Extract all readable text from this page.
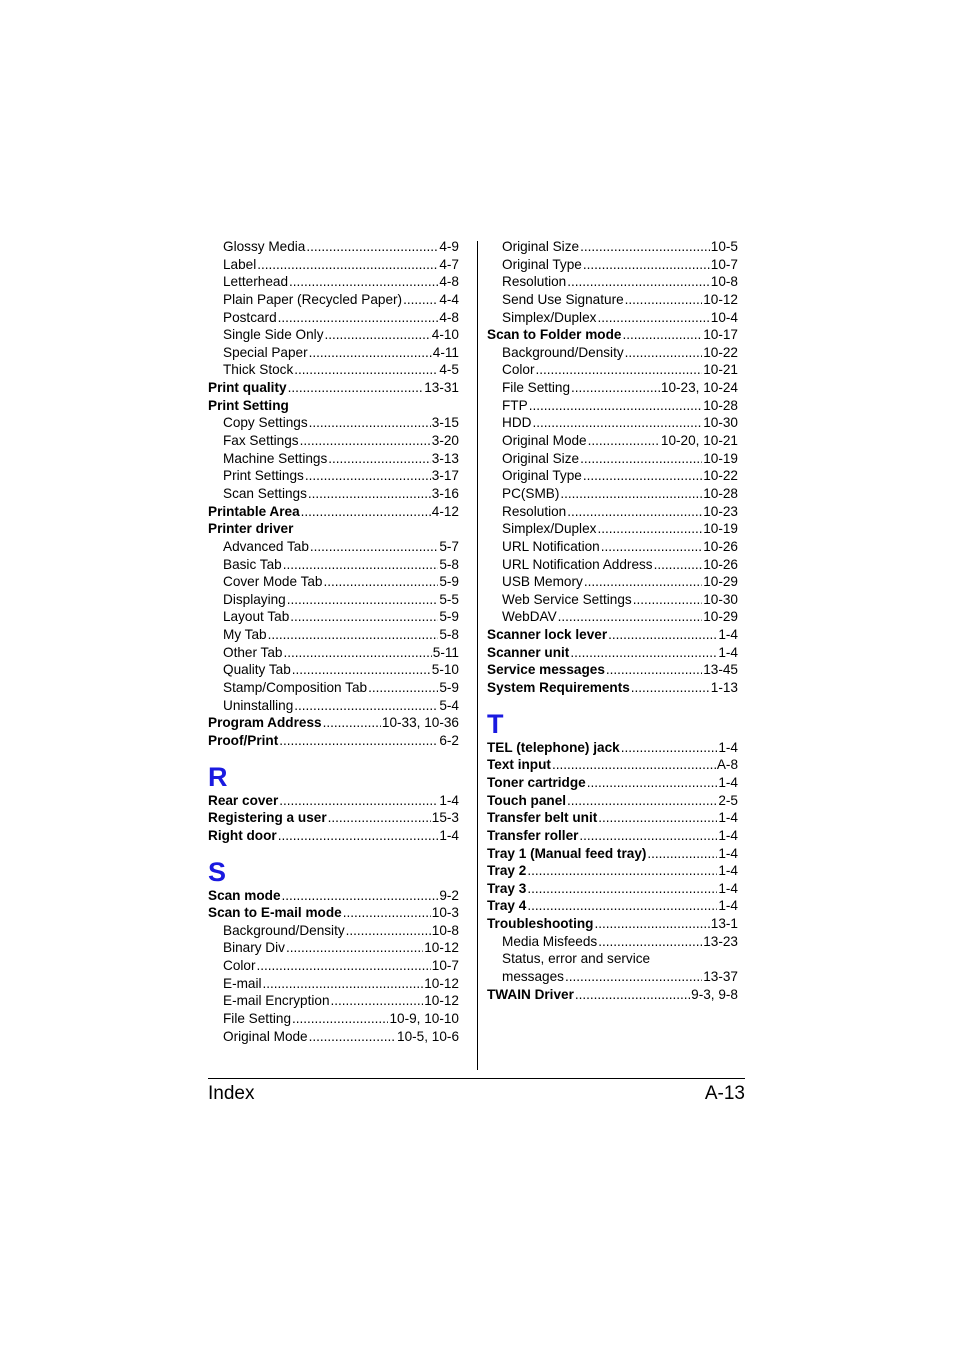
Glossy Media . . .	4-9
Label . . .	4-7
Letterhead . . .	4-8
Plain Paper (Recycled Paper) . . .	4-4
Postcard . . .	4-8
Single Side Only . . .	4-10
Special Paper . . .	4-11
Thick Stock . . .	4-5
Print quality . . .	13-31
Print Setting
Copy Settings . . .	3-15
Fax Settings . . .	3-20
Machine Settings . . .	3-13
Print Settings . . .	3-17
Scan Settings . . .	3-16
Printable Area . . .	4-12
Printer driver
Advanced Tab . . .	5-7
Basic Tab . . .	5-8
Cover Mode Tab . . .	5-9
Displaying . . .	5-5
Layout Tab . . .	5-9
My Tab . . .	5-8
Other Tab . . .	5-11
Quality Tab . . .	5-10
Stamp/Composition Tab . . .	5-9
Uninstalling . . .	5-4
Program Address . . .	10-33, 10-36
Proof/Print . . .	6-2
R
Rear cover . . .	1-4
Registering a user . . .	15-3
Right door . . .	1-4
S
Scan mode . . .	9-2
Scan to E-mail mode . . .	10-3
Background/Density . . .	10-8
Binary Div . . .	10-12
Color . . .	10-7
E-mail . . .	10-12
E-mail Encryption . . .	10-12
File Setting . . .	10-9, 10-10
Original Mode . . .	10-5, 10-6
Original Size . . .	10-5
Original Type . . .	10-7
Resolution . . .	10-8
Send Use Signature . . .	10-12
Simplex/Duplex . . .	10-4
Scan to Folder mode . . .	10-17
Background/Density . . .	10-22
Color . . .	10-21
File Setting . . .	10-23, 10-24
FTP . . .	10-28
HDD . . .	10-30
Original Mode . . .	10-20, 10-21
Original Size . . .	10-19
Original Type . . .	10-22
PC(SMB) . . .	10-28
Resolution . . .	10-23
Simplex/Duplex . . .	10-19
URL Notification . . .	10-26
URL Notification Address . . .	10-26
USB Memory . . .	10-29
Web Service Settings . . .	10-30
WebDAV . . .	10-29
Scanner lock lever . . .	1-4
Scanner unit . . .	1-4
Service messages . . .	13-45
System Requirements . . .	1-13
T
TEL (telephone) jack . . .	1-4
Text input . . .	A-8
Toner cartridge . . .	1-4
Touch panel . . .	2-5
Transfer belt unit . . .	1-4
Transfer roller . . .	1-4
Tray 1 (Manual feed tray) . . .	1-4
Tray 2 . . .	1-4
Tray 3 . . .	1-4
Tray 4 . . .	1-4
Troubleshooting . . .	13-1
Media Misfeeds . . .	13-23
Status, error and service
messages . . .	13-37
TWAIN Driver . . .	9-3, 9-8
Index	A-13
